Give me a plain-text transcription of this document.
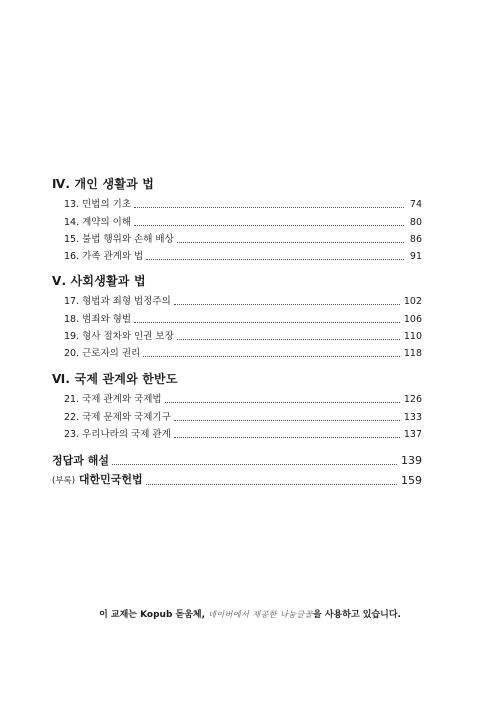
Ⅳ. 개인 생활과 법
13. 민법의 기초	74
14. 계약의 이해	80
15. 불법 행위와 손해 배상	86
16. 가족 관계와 법	91
Ⅴ. 사회생활과 법
17. 형법과 죄형 법정주의	102
18. 범죄와 형벌	106
19. 형사 절차와 인권 보장	110
20. 근로자의 권리	118
Ⅵ. 국제 관계와 한반도
21. 국제 관계와 국제법	126
22. 국제 문제와 국제기구	133
23. 우리나라의 국제 관계	137
정답과 해설	139
(부록) 대한민국헌법	159
이 교재는 Kopub 돋움체, 네이버에서 제공한 나눔글꼴을 사용하고 있습니다.
